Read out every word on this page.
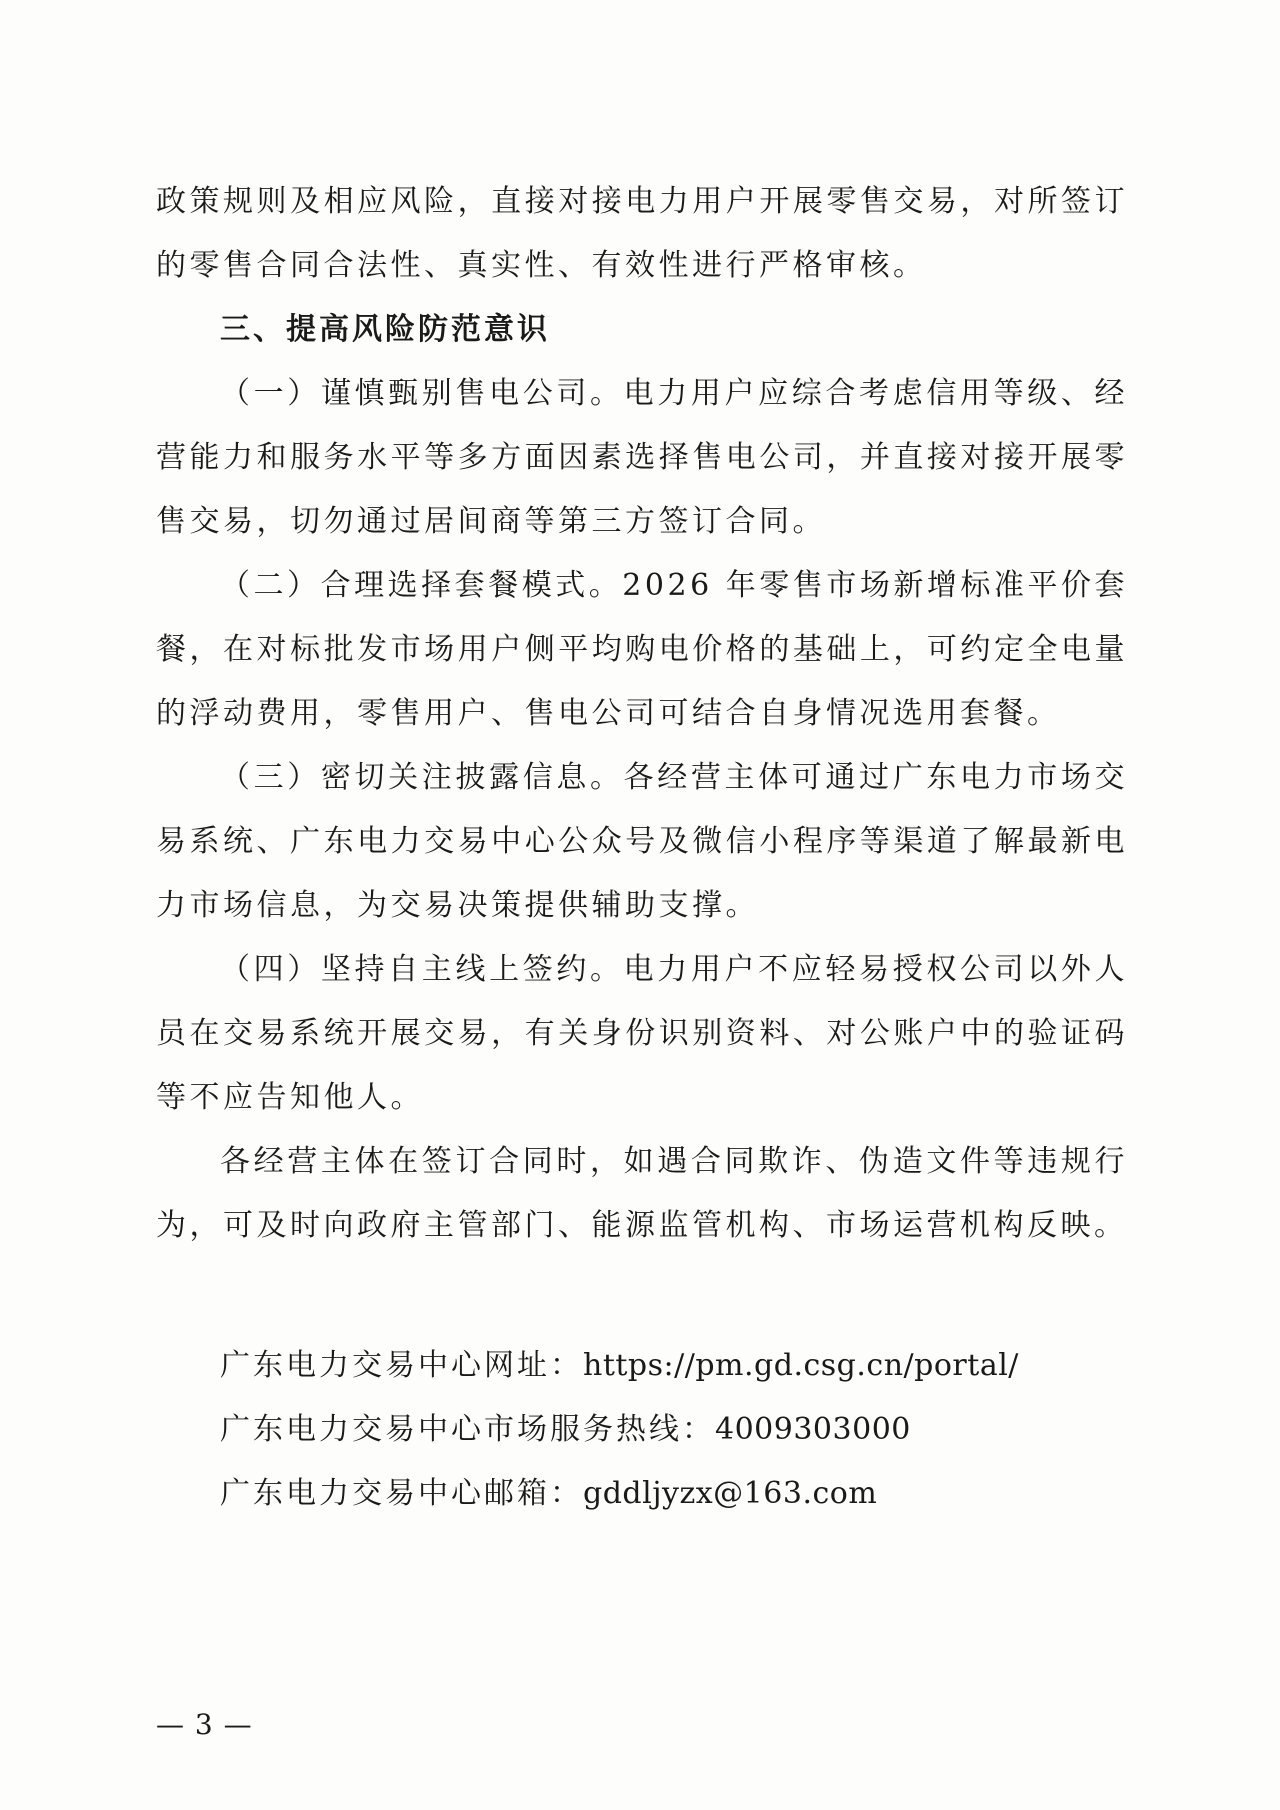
政策规则及相应风险，直接对接电力用户开展零售交易，对所签订的零售合同合法性、真实性、有效性进行严格审核。

三、提高风险防范意识

（一）谨慎甄别售电公司。电力用户应综合考虑信用等级、经营能力和服务水平等多方面因素选择售电公司，并直接对接开展零售交易，切勿通过居间商等第三方签订合同。

（二）合理选择套餐模式。2026 年零售市场新增标准平价套餐，在对标批发市场用户侧平均购电价格的基础上，可约定全电量的浮动费用，零售用户、售电公司可结合自身情况选用套餐。

（三）密切关注披露信息。各经营主体可通过广东电力市场交易系统、广东电力交易中心公众号及微信小程序等渠道了解最新电力市场信息，为交易决策提供辅助支撑。

（四）坚持自主线上签约。电力用户不应轻易授权公司以外人员在交易系统开展交易，有关身份识别资料、对公账户中的验证码等不应告知他人。

各经营主体在签订合同时，如遇合同欺诈、伪造文件等违规行为，可及时向政府主管部门、能源监管机构、市场运营机构反映。

广东电力交易中心网址：https://pm.gd.csg.cn/portal/

广东电力交易中心市场服务热线：4009303000

广东电力交易中心邮箱：gddljyzx@163.com

— 3 —
